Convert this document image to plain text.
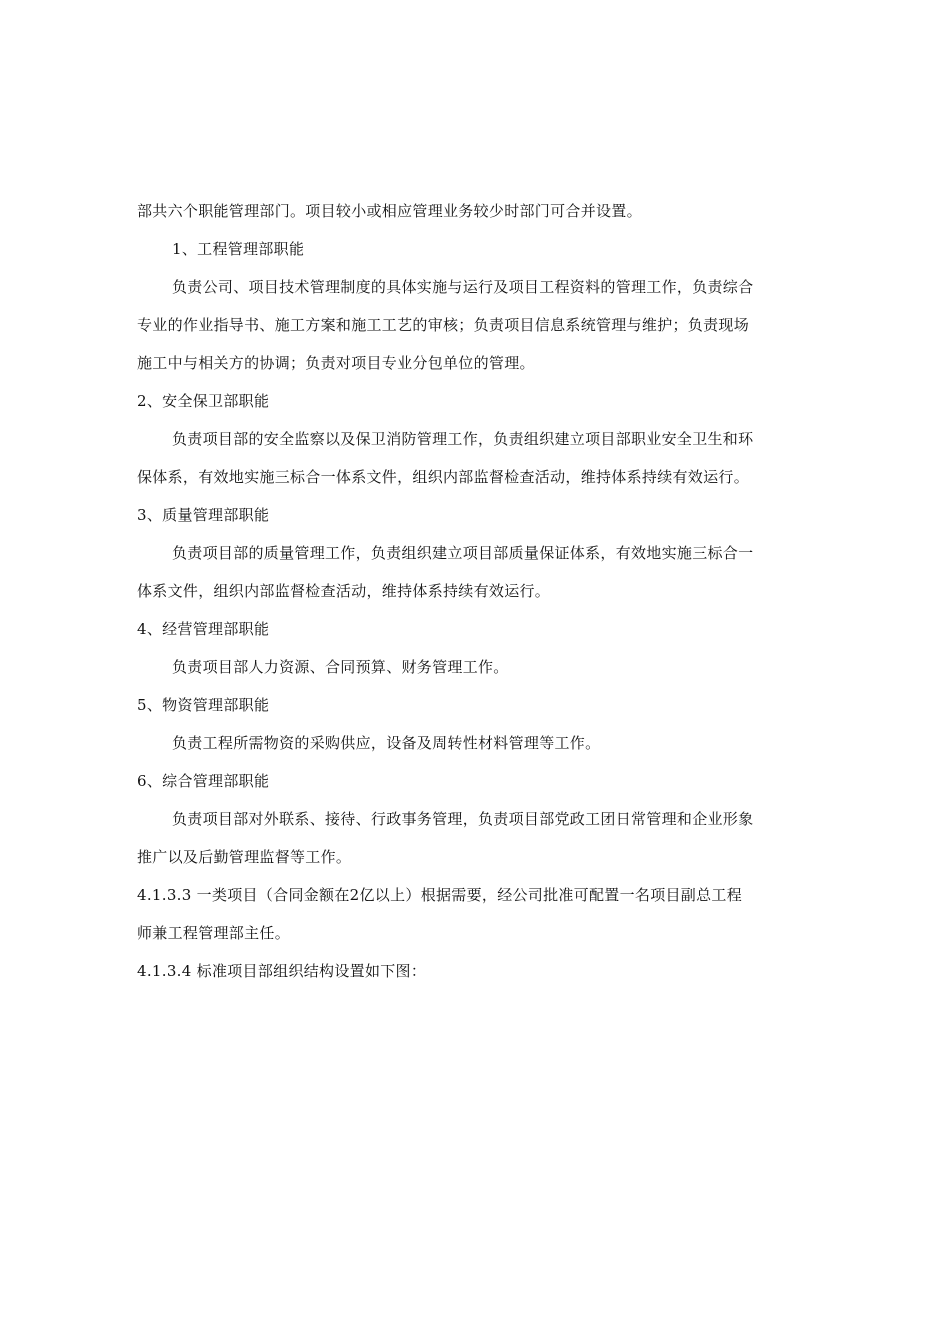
部共六个职能管理部门。项目较小或相应管理业务较少时部门可合并设置。
1、工程管理部职能
负责公司、项目技术管理制度的具体实施与运行及项目工程资料的管理工作，负责综合
专业的作业指导书、施工方案和施工工艺的审核；负责项目信息系统管理与维护；负责现场
施工中与相关方的协调；负责对项目专业分包单位的管理。
2、安全保卫部职能
负责项目部的安全监察以及保卫消防管理工作，负责组织建立项目部职业安全卫生和环
保体系，有效地实施三标合一体系文件，组织内部监督检查活动，维持体系持续有效运行。
3、质量管理部职能
负责项目部的质量管理工作，负责组织建立项目部质量保证体系，有效地实施三标合一
体系文件，组织内部监督检查活动，维持体系持续有效运行。
4、经营管理部职能
负责项目部人力资源、合同预算、财务管理工作。
5、物资管理部职能
负责工程所需物资的采购供应，设备及周转性材料管理等工作。
6、综合管理部职能
负责项目部对外联系、接待、行政事务管理，负责项目部党政工团日常管理和企业形象
推广以及后勤管理监督等工作。
4.1.3.3 一类项目（合同金额在2亿以上）根据需要，经公司批准可配置一名项目副总工程
师兼工程管理部主任。
4.1.3.4 标准项目部组织结构设置如下图：
